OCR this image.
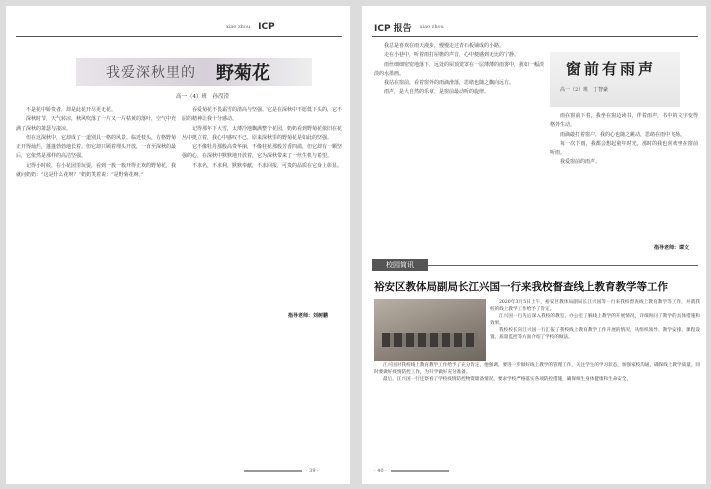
xiao zhou ICP
我爱深秋里的 野菊花
高一（4）班　孙滢滢

不是花中娇贵者，却是此花开尽更无花。

深秋时节，天气转凉，秋风吹落了一片又一片枯黄的落叶，空气中充满了深秋的萧瑟与凄凉。

但在这深秋中，它却成了一道别具一格的风景。临近枝头，方格野菊正开得灿烂，蓬蓬勃勃地长着。但它却只顾着埋头开放，一直至深秋的最后，它依然是那样的高洁坚强。

记得小时候，在小花园里玩耍，看到一簇一簇开得正欢的野菊花，我就问奶奶：“这是什么花呀？”奶奶笑着说：“是野菊花呀。”

吞爱菊花不畏霜雪的清高与坚强。它是在深秋中不愿低下头的，它不屈的精神让我十分感动。

记得那年下大雪，太薄冷地飘满整个花园，奶奶看到野菊花依旧在花丛中挺立着，我心中感叹不已，原来深秋里的野菊花是如此的坚强。

它不像牡丹那般高贵华丽，不像桂花那般芳香四溢，但它却有一颗坚强的心，在深秋中默默地开放着，它为深秋带来了一丝生机与希望。

不求名，不求利，默默奉献，不求回报，可贵的品质在它身上彰显。

指导老师：刘树鹏
· 39 ·
ICP 报告 xiao zhou

我总是喜欢在雨天漫步，慢慢走过青石板铺成的小路。

走在小巷中，听着雨打屋檐的声音，心中便感到无比的宁静。

雨丝细细密密地落下，远处的屋顶笼罩在一层薄薄的雨雾中，犹如一幅淡淡的水墨画。

我站在窗前，看着窗外的雨滴滑落，思绪也随之飘向远方。

雨声，是大自然的乐章，是窗前最动听的旋律。

窗前有雨声
高一（2）班　丁智豪

雨在窗前下着，我坐在窗边读书，伴着雨声，书中的文字变得格外生动。

雨滴敲打着窗户，我的心也随之跳动，思绪在雨中飞扬。

每一次下雨，我都会想起童年时光，那时的我也喜欢坐在窗前听雨。

我爱窗前的雨声。

指导老师：谭文
校园简讯
裕安区教体局副局长江兴国一行来我校督查线上教育教学等工作

2020年3月5日上午，裕安区教体局副局长江兴国等一行来我校督查线上教育教学等工作，并就我校的线上教学工作给予了肯定。

江兴国一行先后深入我校的教室、办公室了解线上教学的开展情况，详细询问了教学的具体措施和效果。

我校校长向江兴国一行汇报了我校线上教育教学工作开展的情况，从组织领导、教学安排、课程设置、质量监控等方面介绍了学校的做法。

江兴国对我校线上教育教学工作给予了充分肯定，他强调，要进一步做好线上教学的管理工作，关注学生的学习状态，加强家校沟通，确保线上教学质量。同时要做好疫情防控工作，为开学做好充分准备。

最后，江兴国一行还察看了学校疫情防控物资储备情况，要求学校严格落实各项防控措施，确保师生身体健康和生命安全。

· 40 ·
